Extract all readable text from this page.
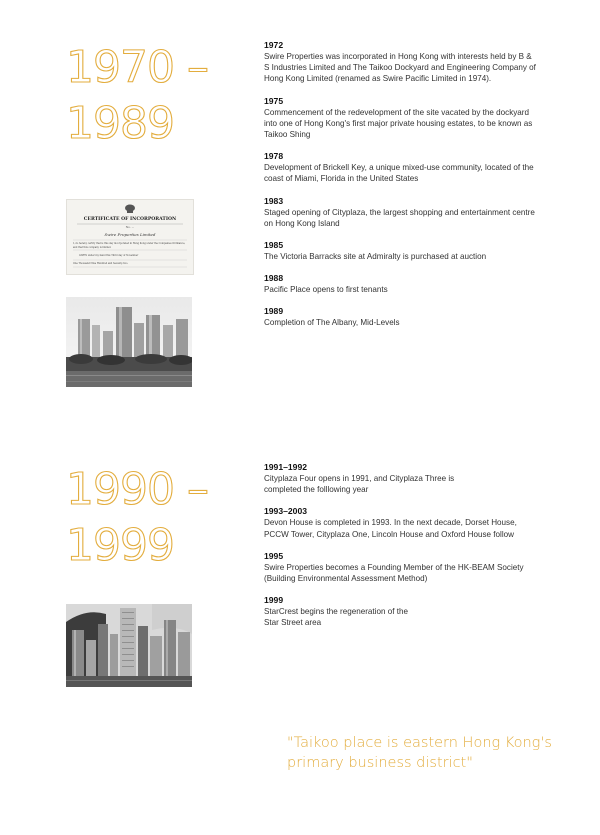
1970 –
1989
CERTIFICATE OF INCORPORATION
No. ...
Swire Properties Limited
I, do hereby certify that is this day incorporated in Hong Kong under the Companies Ordinance,
and that this company is limited.
GIVEN under my hand this Third day of November
One Thousand Nine Hundred and Seventy-two.
1972
Swire Properties was incorporated in Hong Kong with interests held by B & S Industries Limited and The Taikoo Dockyard and Engineering Company of Hong Kong Limited (renamed as Swire Pacific Limited in 1974).
1975
Commencement of the redevelopment of the site vacated by the dockyard into one of Hong Kong's first major private housing estates, to be known as Taikoo Shing
1978
Development of Brickell Key, a unique mixed-use community, located of the coast of Miami, Florida in the United States
1983
Staged opening of Cityplaza, the largest shopping and entertainment centre on Hong Kong Island
1985
The Victoria Barracks site at Admiralty is purchased at auction
1988
Pacific Place opens to first tenants
1989
Completion of The Albany, Mid-Levels
1990 –
1999
1991–1992
Cityplaza Four opens in 1991, and Cityplaza Three is completed the folllowing year
1993–2003
Devon House is completed in 1993. In the next decade, Dorset House, PCCW Tower, Cityplaza One, Lincoln House and Oxford House follow
1995
Swire Properties becomes a Founding Member of the HK-BEAM Society (Building Environmental Assessment Method)
1999
StarCrest begins the regeneration of the Star Street area
"Taikoo place is eastern Hong Kong's primary business district"
